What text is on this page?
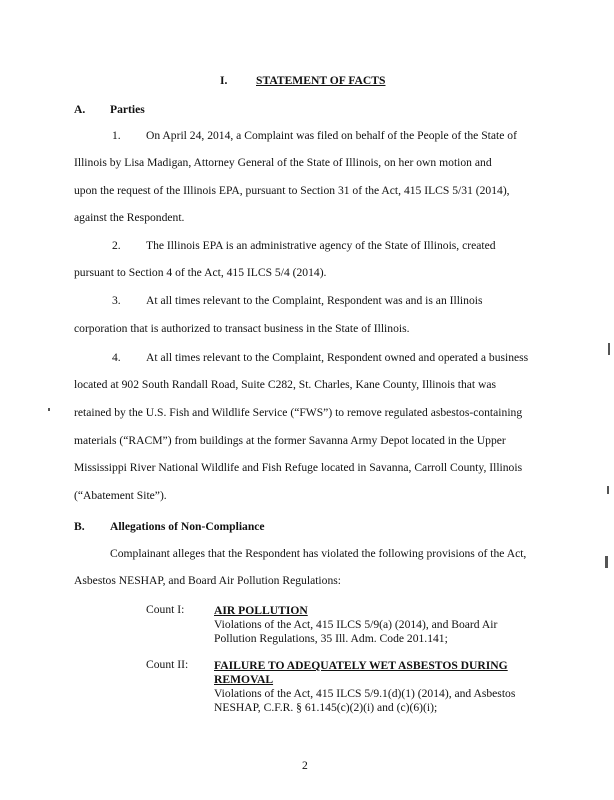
I. STATEMENT OF FACTS
A. Parties
1. On April 24, 2014, a Complaint was filed on behalf of the People of the State of
Illinois by Lisa Madigan, Attorney General of the State of Illinois, on her own motion and
upon the request of the Illinois EPA, pursuant to Section 31 of the Act, 415 ILCS 5/31 (2014),
against the Respondent.
2. The Illinois EPA is an administrative agency of the State of Illinois, created
pursuant to Section 4 of the Act, 415 ILCS 5/4 (2014).
3. At all times relevant to the Complaint, Respondent was and is an Illinois
corporation that is authorized to transact business in the State of Illinois.
4. At all times relevant to the Complaint, Respondent owned and operated a business
located at 902 South Randall Road, Suite C282, St. Charles, Kane County, Illinois that was
retained by the U.S. Fish and Wildlife Service (“FWS”) to remove regulated asbestos-containing
materials (“RACM”) from buildings at the former Savanna Army Depot located in the Upper
Mississippi River National Wildlife and Fish Refuge located in Savanna, Carroll County, Illinois
(“Abatement Site”).
B. Allegations of Non-Compliance
Complainant alleges that the Respondent has violated the following provisions of the Act,
Asbestos NESHAP, and Board Air Pollution Regulations:
Count I:	AIR POLLUTION
Violations of the Act, 415 ILCS 5/9(a) (2014), and Board Air
Pollution Regulations, 35 Ill. Adm. Code 201.141;
Count II: FAILURE TO ADEQUATELY WET ASBESTOS DURING
REMOVAL
Violations of the Act, 415 ILCS 5/9.1(d)(1) (2014), and Asbestos
NESHAP, C.F.R. § 61.145(c)(2)(i) and (c)(6)(i);
2
